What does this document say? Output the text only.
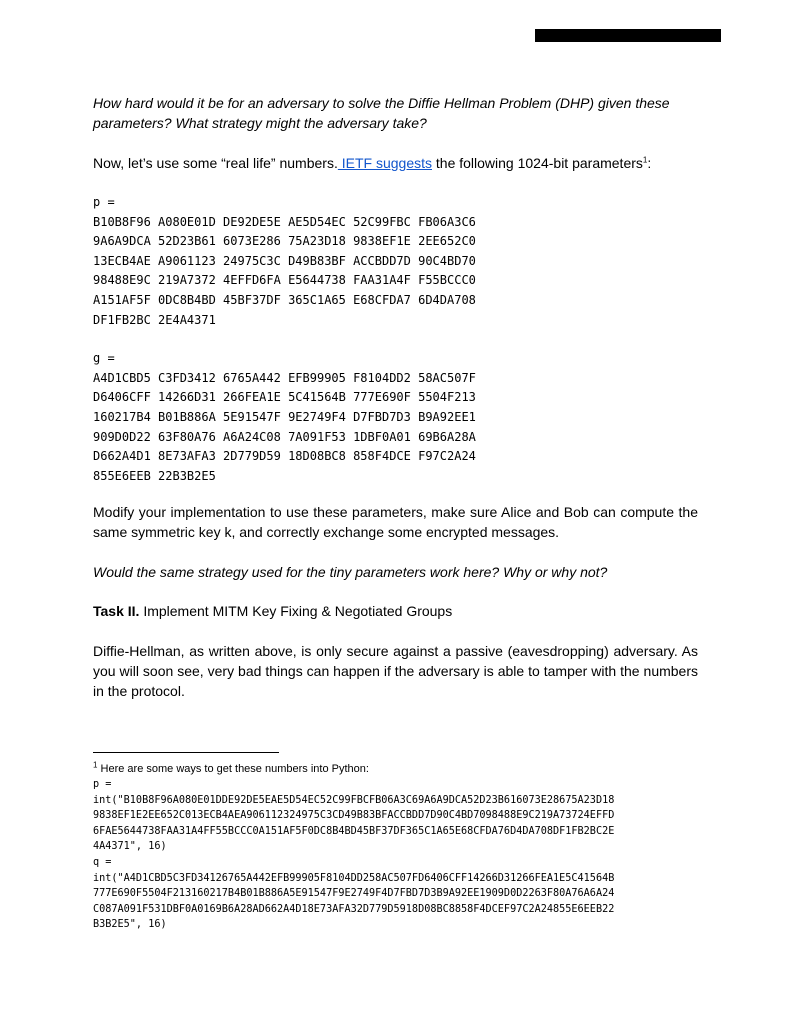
How hard would it be for an adversary to solve the Diffie Hellman Problem (DHP) given these parameters? What strategy might the adversary take?

Now, let’s use some “real life” numbers. IETF suggests the following 1024-bit parameters$^1$:

p =
B10B8F96 A080E01D DE92DE5E AE5D54EC 52C99FBC FB06A3C6
9A6A9DCA 52D23B61 6073E286 75A23D18 9838EF1E 2EE652C0
13ECB4AE A9061123 24975C3C D49B83BF ACCBDD7D 90C4BD70
98488E9C 219A7372 4EFFD6FA E5644738 FAA31A4F F55BCCC0
A151AF5F 0DC8B4BD 45BF37DF 365C1A65 E68CFDA7 6D4DA708
DF1FB2BC 2E4A4371
g =
A4D1CBD5 C3FD3412 6765A442 EFB99905 F8104DD2 58AC507F
D6406CFF 14266D31 266FEA1E 5C41564B 777E690F 5504F213
160217B4 B01B886A 5E91547F 9E2749F4 D7FBD7D3 B9A92EE1
909D0D22 63F80A76 A6A24C08 7A091F53 1DBF0A01 69B6A28A
D662A4D1 8E73AFA3 2D779D59 18D08BC8 858F4DCE F97C2A24
855E6EEB 22B3B2E5

Modify your implementation to use these parameters, make sure Alice and Bob can compute the same symmetric key k, and correctly exchange some encrypted messages.

Would the same strategy used for the tiny parameters work here? Why or why not?

Task II. Implement MITM Key Fixing & Negotiated Groups

Diffie-Hellman, as written above, is only secure against a passive (eavesdropping) adversary. As you will soon see, very bad things can happen if the adversary is able to tamper with the numbers in the protocol.

$^1$ Here are some ways to get these numbers into Python:

p =
int("B10B8F96A080E01DDE92DE5EAE5D54EC52C99FBCFB06A3C69A6A9DCA52D23B616073E28675A23D18
9838EF1E2EE652C013ECB4AEA906112324975C3CD49B83BFACCBDD7D90C4BD7098488E9C219A73724EFFD
6FAE5644738FAA31A4FF55BCCC0A151AF5F0DC8B4BD45BF37DF365C1A65E68CFDA76D4DA708DF1FB2BC2E
4A4371", 16)
q =
int("A4D1CBD5C3FD34126765A442EFB99905F8104DD258AC507FD6406CFF14266D31266FEA1E5C41564B
777E690F5504F213160217B4B01B886A5E91547F9E2749F4D7FBD7D3B9A92EE1909D0D2263F80A76A6A24
C087A091F531DBF0A0169B6A28AD662A4D18E73AFA32D779D5918D08BC8858F4DCEF97C2A24855E6EEB22
B3B2E5", 16)
